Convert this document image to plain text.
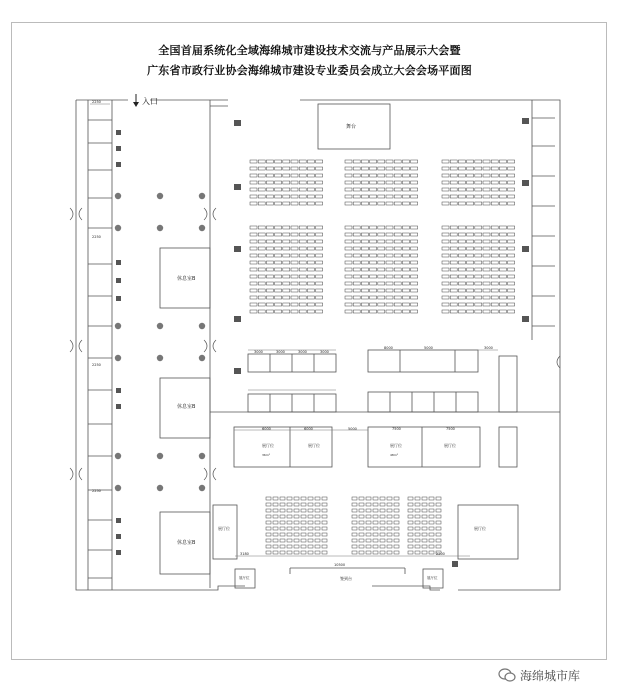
全国首届系统化全域海绵城市建设技术交流与产品展示大会暨
广东省市政行业协会海绵城市建设专业委员会成立大会会场平面图
入口
舞台
休息室B
休息室B
休息室B
展厅位	展厅位
展厅位	展厅位	展厅位	展厅位
36m²	48m²
签到台
展厅位	展厅位
2250
2250
2250
2250
3000	3000	3000	3000
8000	5000	3000
6000	6000	5000	7500	7500
3180
10500
2200
海绵城市库
